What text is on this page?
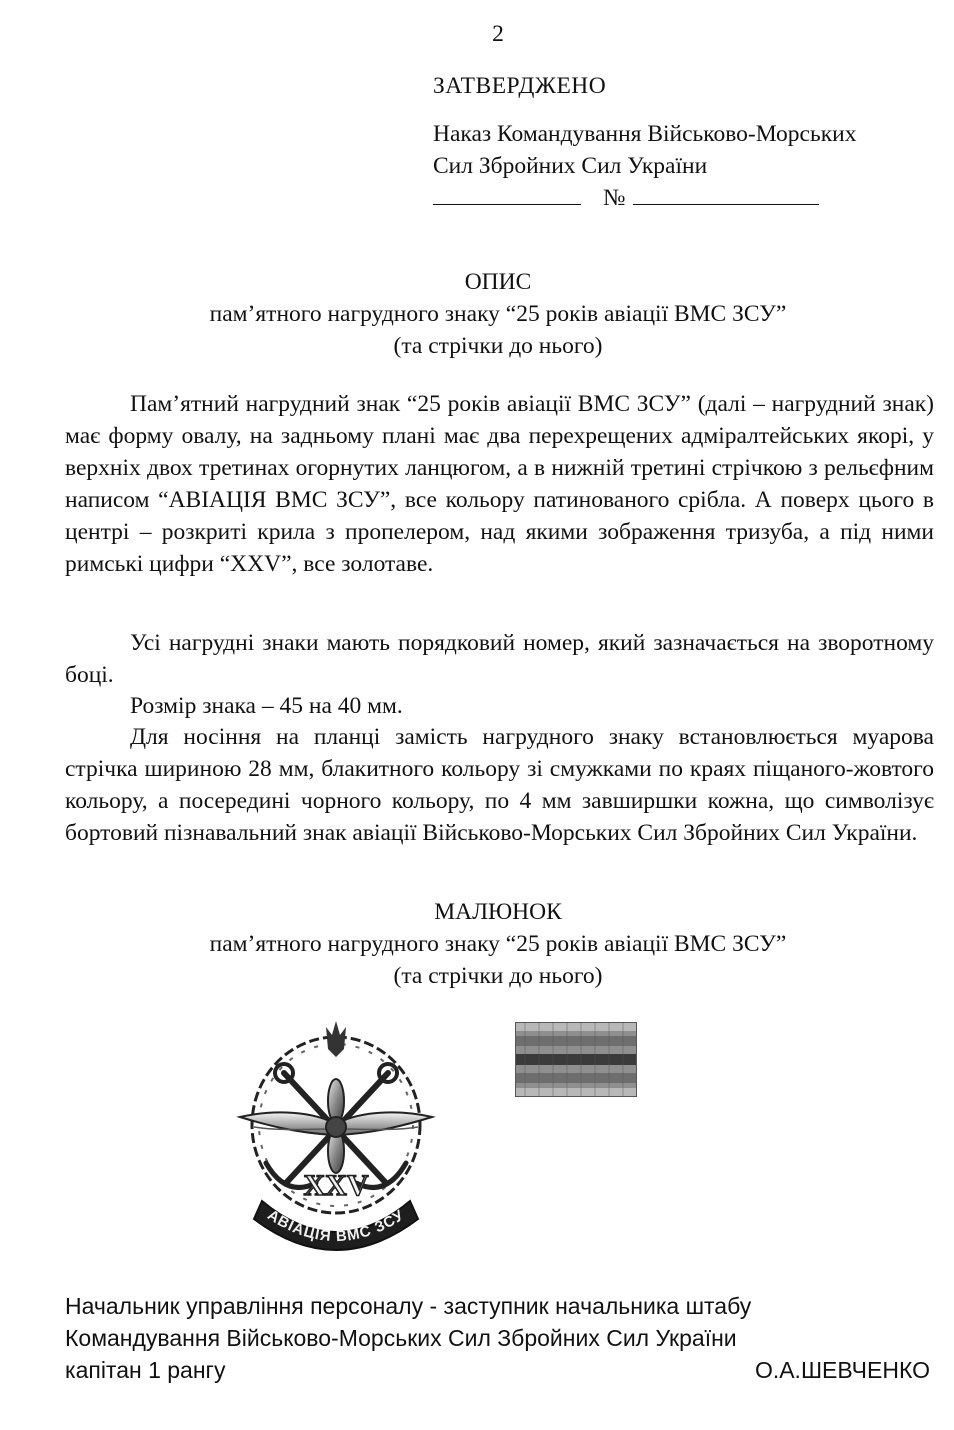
2
ЗАТВЕРДЖЕНО
Наказ Командування Військово-Морських
Сил Збройних Сил України
№
ОПИС
пам’ятного нагрудного знаку “25 років авіації ВМС ЗСУ”
(та стрічки до нього)
Пам’ятний нагрудний знак “25 років авіації ВМС ЗСУ” (далі – нагрудний знак) має форму овалу, на задньому плані має два перехрещених адміралтейських якорі, у верхніх двох третинах огорнутих ланцюгом, а в нижній третині стрічкою з рельєфним написом “АВІАЦІЯ ВМС ЗСУ”, все кольору патинованого срібла. А поверх цього в центрі – розкриті крила з пропелером, над якими зображення тризуба, а під ними римські цифри “XXV”, все золотаве.
Усі нагрудні знаки мають порядковий номер, який зазначається на зворотному боці.
Розмір знака – 45 на 40 мм.
Для носіння на планці замість нагрудного знаку встановлюється муарова стрічка шириною 28 мм, блакитного кольору зі смужками по краях піщаного-жовтого кольору, а посередині чорного кольору, по 4 мм завширшки кожна, що символізує бортовий пізнавальний знак авіації Військово-Морських Сил Збройних Сил України.
МАЛЮНОК
пам’ятного нагрудного знаку “25 років авіації ВМС ЗСУ”
(та стрічки до нього)
XXV
АВІАЦІЯ ВМС ЗСУ
Начальник управління персоналу - заступник начальника штабу
Командування Військово-Морських Сил Збройних Сил України
капітан 1 рангу	О.А.ШЕВЧЕНКО
